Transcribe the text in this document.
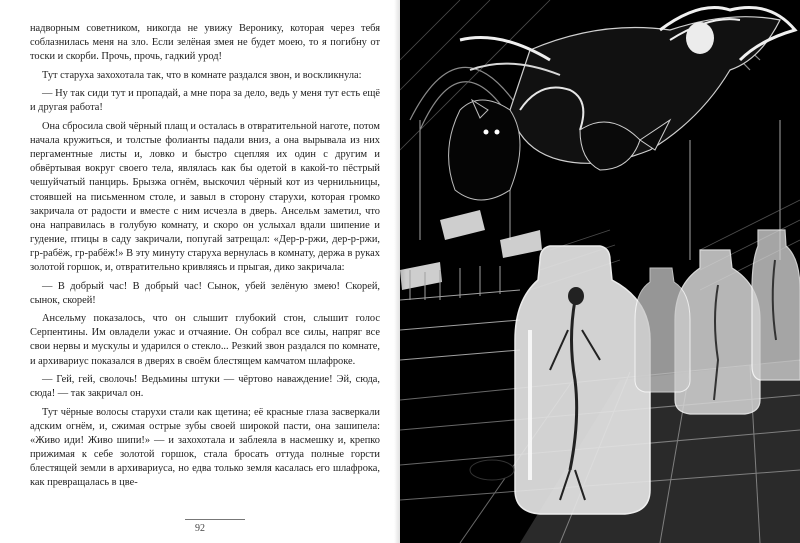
надворным советником, никогда не увижу Веронику, которая через тебя соблазнилась меня на зло. Если зелёная змея не будет моею, то я погибну от тоски и скорби. Прочь, прочь, гадкий урод!

Тут старуха захохотала так, что в комнате раздался звон, и воскликнула:

— Ну так сиди тут и пропадай, а мне пора за дело, ведь у меня тут есть ещё и другая работа!

Она сбросила свой чёрный плащ и осталась в отвратительной наготе, потом начала кружиться, и толстые фолианты падали вниз, а она вырывала из них пергаментные листы и, ловко и быстро сцепляя их один с другим и обвёртывая вокруг своего тела, являлась как бы одетой в какой-то пёстрый чешуйчатый панцирь. Брызжа огнём, выскочил чёрный кот из чернильницы, стоявшей на письменном столе, и завыл в сторону старухи, которая громко закричала от радости и вместе с ним исчезла в дверь. Ансельм заметил, что она направилась в голубую комнату, и скоро он услыхал вдали шипение и гудение, птицы в саду закричали, попугай затрещал: «Дер-р-ржи, дер-р-ржи, гр-рабёж, гр-рабёж!» В эту минуту старуха вернулась в комнату, держа в руках золотой горшок, и, отвратительно кривляясь и прыгая, дико закричала:

— В добрый час! В добрый час! Сынок, убей зелёную змею! Скорей, сынок, скорей!

Ансельму показалось, что он слышит глубокий стон, слышит голос Серпентины. Им овладели ужас и отчаяние. Он собрал все силы, напряг все свои нервы и мускулы и ударился о стекло... Резкий звон раздался по комнате, и архивариус показался в дверях в своём блестящем камчатом шлафроке.

— Гей, гей, сволочь! Ведьмины штуки — чёртово наваждение! Эй, сюда, сюда! — так закричал он.

Тут чёрные волосы старухи стали как щетина; её красные глаза засверкали адским огнём, и, сжимая острые зубы своей широкой пасти, она зашипела: «Живо иди! Живо шипи!» — и захохотала и заблеяла в насмешку и, крепко прижимая к себе золотой горшок, стала бросать оттуда полные горсти блестящей земли в архивариуса, но едва только земля касалась его шлафрока, как превращалась в цве-

92
